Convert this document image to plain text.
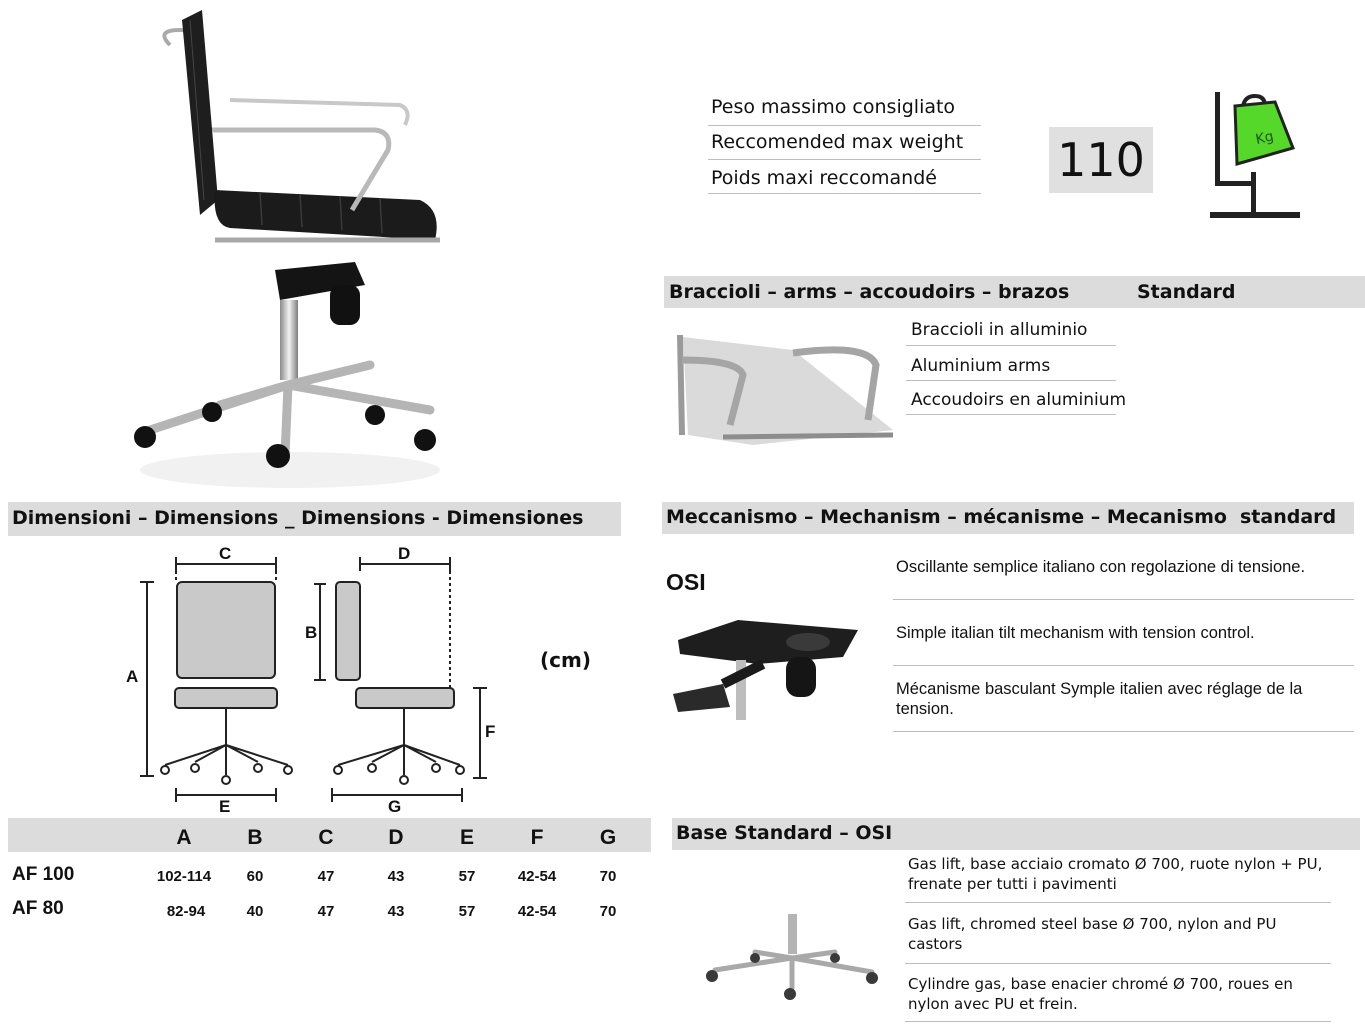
Peso massimo consigliato
Reccomended max weight
Poids maxi reccomandé	110	Kg
Braccioli – arms – accoudoirs – brazos	Standard
Braccioli in alluminio
Aluminium arms
Accoudoirs en aluminium
Dimensioni – Dimensions _ Dimensions - Dimensiones
C	D
A
B
F
E	G
(cm)
A	B	C	D	E	F	G
AF 100	102-114	60	47	43	57	42-54	70
AF 80	82-94	40	47	43	57	42-54	70
Meccanismo – Mechanism – mécanisme – Mecanismo standard
OSI
Oscillante semplice italiano con regolazione di tensione.
Simple italian tilt mechanism with tension control.
Mécanisme basculant Symple italien avec réglage de la tension.
Base Standard – OSI
Gas lift, base acciaio cromato Ø 700, ruote nylon + PU, frenate per tutti i pavimenti
Gas lift, chromed steel base Ø 700, nylon and PU castors
Cylindre gas, base enacier chromé Ø 700, roues en nylon avec PU et frein.
